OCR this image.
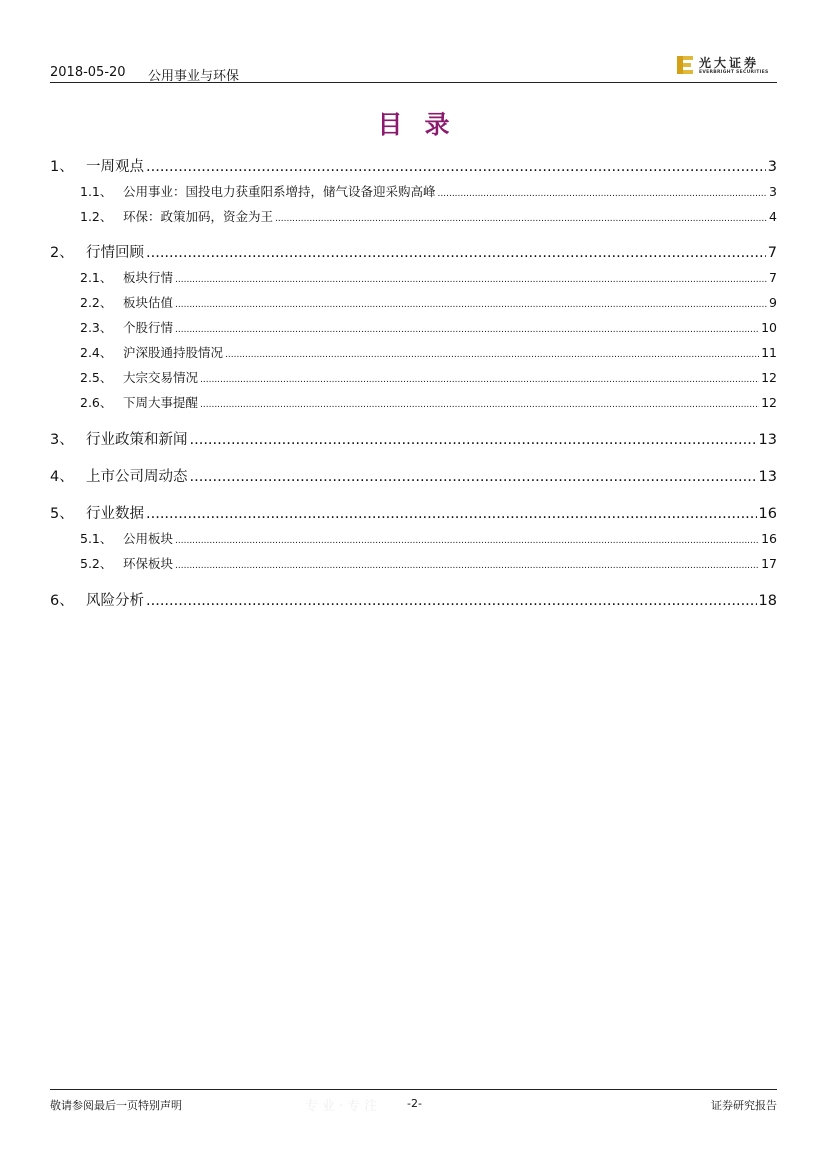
2018-05-20 公用事业与环保
光大证券
EVERBRIGHT SECURITIES
目录
1、 一周观点 .....	3
1.1、 公用事业：国投电力获重阳系增持，储气设备迎采购高峰 .....	3
1.2、 环保：政策加码，资金为王 .....	4
2、 行情回顾 .....	7
2.1、 板块行情 .....	7
2.2、 板块估值 .....	9
2.3、 个股行情 .....	10
2.4、 沪深股通持股情况 .....	11
2.5、 大宗交易情况 .....	12
2.6、 下周大事提醒 .....	12
3、 行业政策和新闻 .....	13
4、 上市公司周动态 .....	13
5、 行业数据 .....	16
5.1、 公用板块 .....	16
5.2、 环保板块 .....	17
6、 风险分析 .....	18
敬请参阅最后一页特别声明	专业·专注 -2-	证券研究报告
